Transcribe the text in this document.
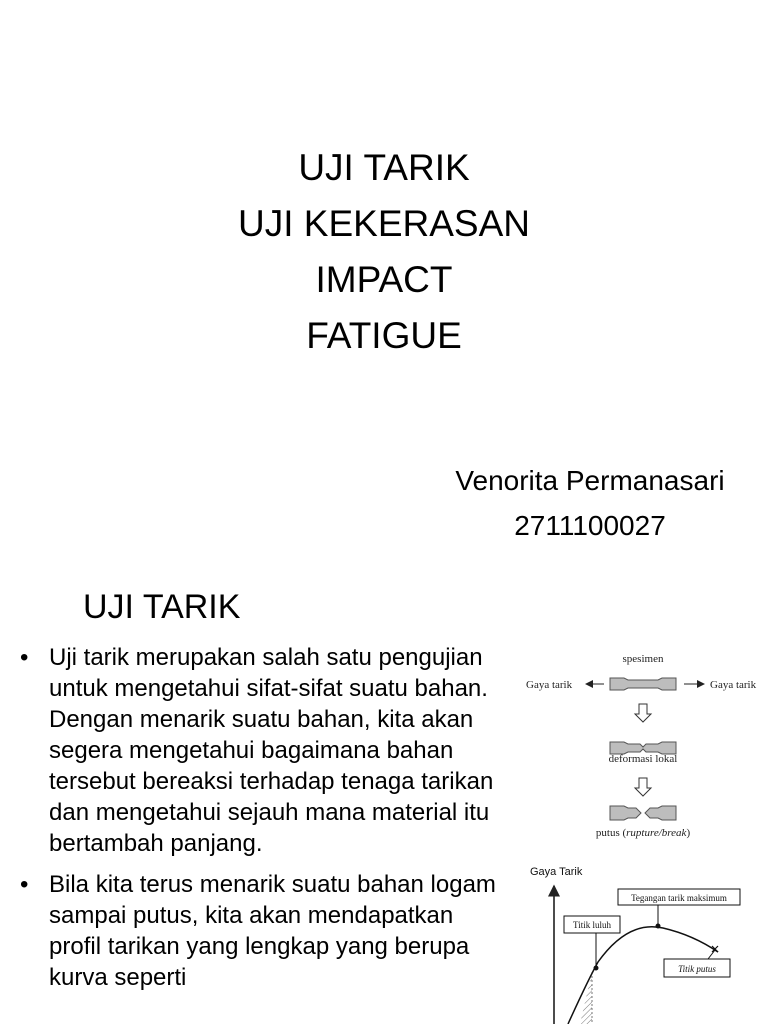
UJI TARIK
UJI KEKERASAN
IMPACT
FATIGUE
Venorita Permanasari
2711100027
UJI TARIK
• Uji tarik merupakan salah satu pengujian untuk mengetahui sifat-sifat suatu bahan. Dengan menarik suatu bahan, kita akan segera mengetahui bagaimana bahan tersebut bereaksi terhadap tenaga tarikan dan mengetahui sejauh mana material itu bertambah panjang.
• Bila kita terus menarik suatu bahan logam sampai putus, kita akan mendapatkan profil tarikan yang lengkap yang berupa kurva seperti
spesimen
Gaya tarik	Gaya tarik
deformasi lokal
putus (rupture/break)
Gaya Tarik
Tegangan tarik maksimum
Titik luluh
Titik putus
